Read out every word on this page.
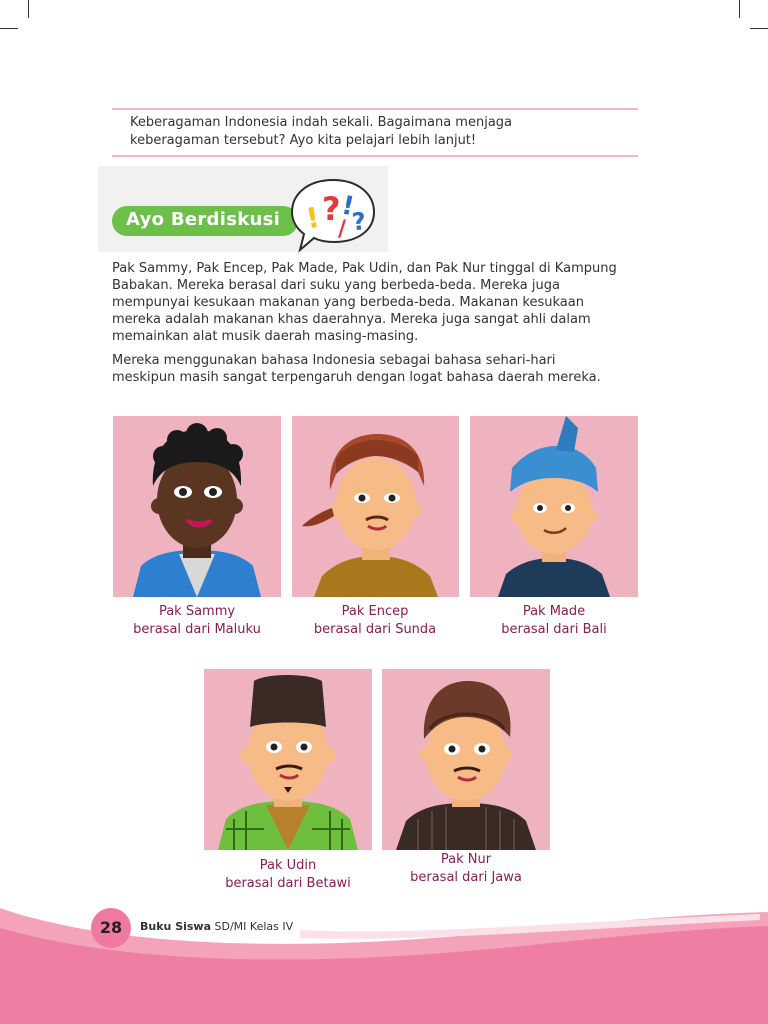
Keberagaman Indonesia indah sekali. Bagaimana menjaga
keberagaman tersebut? Ayo kita pelajari lebih lanjut!
Ayo Berdiskusi ! ?
!
?
/
Pak Sammy, Pak Encep, Pak Made, Pak Udin, dan Pak Nur tinggal di Kampung
Babakan. Mereka berasal dari suku yang berbeda-beda. Mereka juga
mempunyai kesukaan makanan yang berbeda-beda. Makanan kesukaan
mereka adalah makanan khas daerahnya. Mereka juga sangat ahli dalam
memainkan alat musik daerah masing-masing.
Mereka menggunakan bahasa Indonesia sebagai bahasa sehari-hari
meskipun masih sangat terpengaruh dengan logat bahasa daerah mereka.
Pak Sammy
berasal dari Maluku
Pak Encep
berasal dari Sunda
Pak Made
berasal dari Bali
Pak Udin
berasal dari Betawi
Pak Nur
berasal dari Jawa
28	Buku Siswa SD/MI Kelas IV
